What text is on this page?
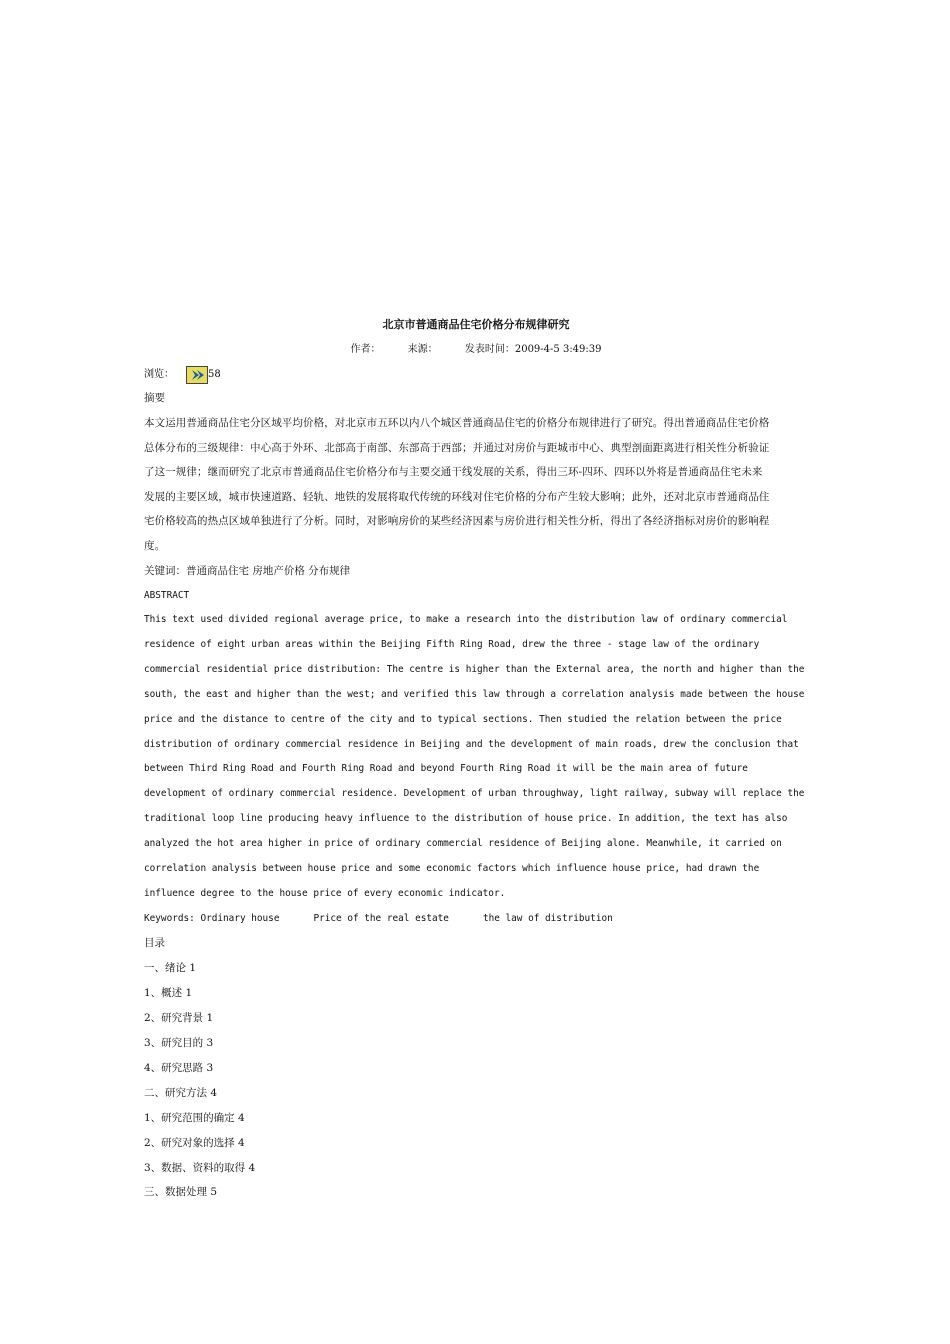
北京市普通商品住宅价格分布规律研究
作者：	来源：	发表时间：2009-4-5 3:49:39
浏览：	58

摘要

本文运用普通商品住宅分区域平均价格，对北京市五环以内八个城区普通商品住宅的价格分布规律进行了研究。得出普通商品住宅价格

总体分布的三级规律：中心高于外环、北部高于南部、东部高于西部；并通过对房价与距城市中心、典型剖面距离进行相关性分析验证

了这一规律；继而研究了北京市普通商品住宅价格分布与主要交通干线发展的关系，得出三环-四环、四环以外将是普通商品住宅未来

发展的主要区域，城市快速道路、轻轨、地铁的发展将取代传统的环线对住宅价格的分布产生较大影响；此外，还对北京市普通商品住

宅价格较高的热点区域单独进行了分析。同时，对影响房价的某些经济因素与房价进行相关性分析，得出了各经济指标对房价的影响程

度。

关键词：普通商品住宅 房地产价格 分布规律

ABSTRACT

This text used divided regional average price, to make a research into the distribution law of ordinary commercial

residence of eight urban areas within the Beijing Fifth Ring Road, drew the three - stage law of the ordinary

commercial residential price distribution: The centre is higher than the External area, the north and higher than the

south, the east and higher than the west; and verified this law through a correlation analysis made between the house

price and the distance to centre of the city and to typical sections. Then studied the relation between the price

distribution of ordinary commercial residence in Beijing and the development of main roads, drew the conclusion that

between Third Ring Road and Fourth Ring Road and beyond Fourth Ring Road it will be the main area of future

development of ordinary commercial residence. Development of urban throughway, light railway, subway will replace the

traditional loop line producing heavy influence to the distribution of house price. In addition, the text has also

analyzed the hot area higher in price of ordinary commercial residence of Beijing alone. Meanwhile, it carried on

correlation analysis between house price and some economic factors which influence house price, had drawn the

influence degree to the house price of every economic indicator.

Keywords: Ordinary house	Price of the real estate	the law of distribution

目录

一、绪论 1

1、概述 1

2、研究背景 1

3、研究目的 3

4、研究思路 3

二、研究方法 4

1、研究范围的确定 4

2、研究对象的选择 4

3、数据、资料的取得 4

三、数据处理 5
